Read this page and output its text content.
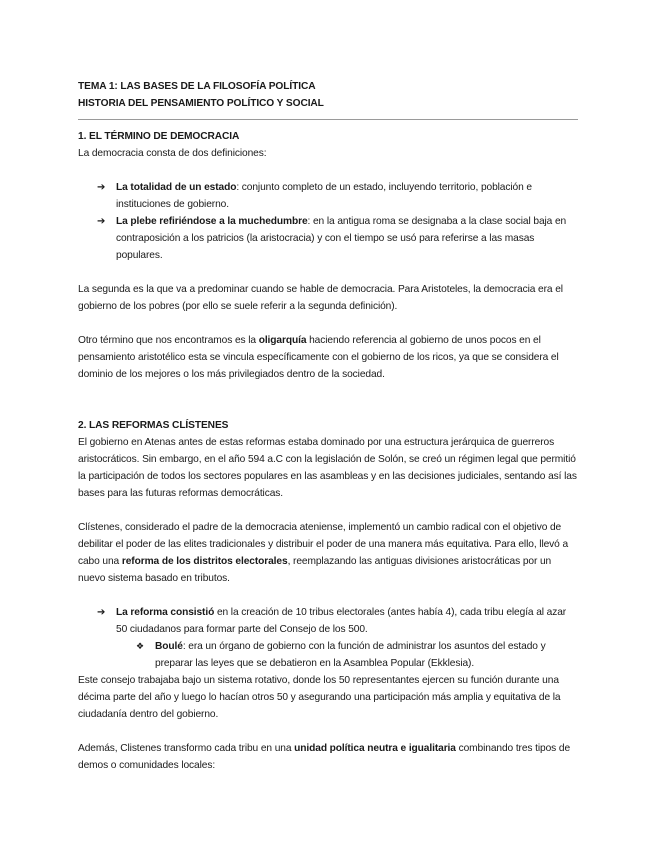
TEMA 1: LAS BASES DE LA FILOSOFÍA POLÍTICA
HISTORIA DEL PENSAMIENTO POLÍTICO Y SOCIAL
1. EL TÉRMINO DE DEMOCRACIA

La democracia consta de dos definiciones:

➔ La totalidad de un estado: conjunto completo de un estado, incluyendo territorio, población e instituciones de gobierno.
➔ La plebe refiriéndose a la muchedumbre: en la antigua roma se designaba a la clase social baja en contraposición a los patricios (la aristocracia) y con el tiempo se usó para referirse a las masas populares.

La segunda es la que va a predominar cuando se hable de democracia. Para Aristoteles, la democracia era el gobierno de los pobres (por ello se suele referir a la segunda definición).

Otro término que nos encontramos es la oligarquía haciendo referencia al gobierno de unos pocos en el pensamiento aristotélico esta se vincula específicamente con el gobierno de los ricos, ya que se considera el dominio de los mejores o los más privilegiados dentro de la sociedad.

2. LAS REFORMAS CLÍSTENES

El gobierno en Atenas antes de estas reformas estaba dominado por una estructura jerárquica de guerreros aristocráticos. Sin embargo, en el año 594 a.C con la legislación de Solón, se creó un régimen legal que permitió la participación de todos los sectores populares en las asambleas y en las decisiones judiciales, sentando así las bases para las futuras reformas democráticas.

Clístenes, considerado el padre de la democracia ateniense, implementó un cambio radical con el objetivo de debilitar el poder de las elites tradicionales y distribuir el poder de una manera más equitativa. Para ello, llevó a cabo una reforma de los distritos electorales, reemplazando las antiguas divisiones aristocráticas por un nuevo sistema basado en tributos.

➔ La reforma consistió en la creación de 10 tribus electorales (antes había 4), cada tribu elegía al azar 50 ciudadanos para formar parte del Consejo de los 500.
❖ Boulé: era un órgano de gobierno con la función de administrar los asuntos del estado y preparar las leyes que se debatieron en la Asamblea Popular (Ekklesia).

Este consejo trabajaba bajo un sistema rotativo, donde los 50 representantes ejercen su función durante una décima parte del año y luego lo hacían otros 50 y asegurando una participación más amplia y equitativa de la ciudadanía dentro del gobierno.

Además, Clistenes transformo cada tribu en una unidad política neutra e igualitaria combinando tres tipos de demos o comunidades locales:
